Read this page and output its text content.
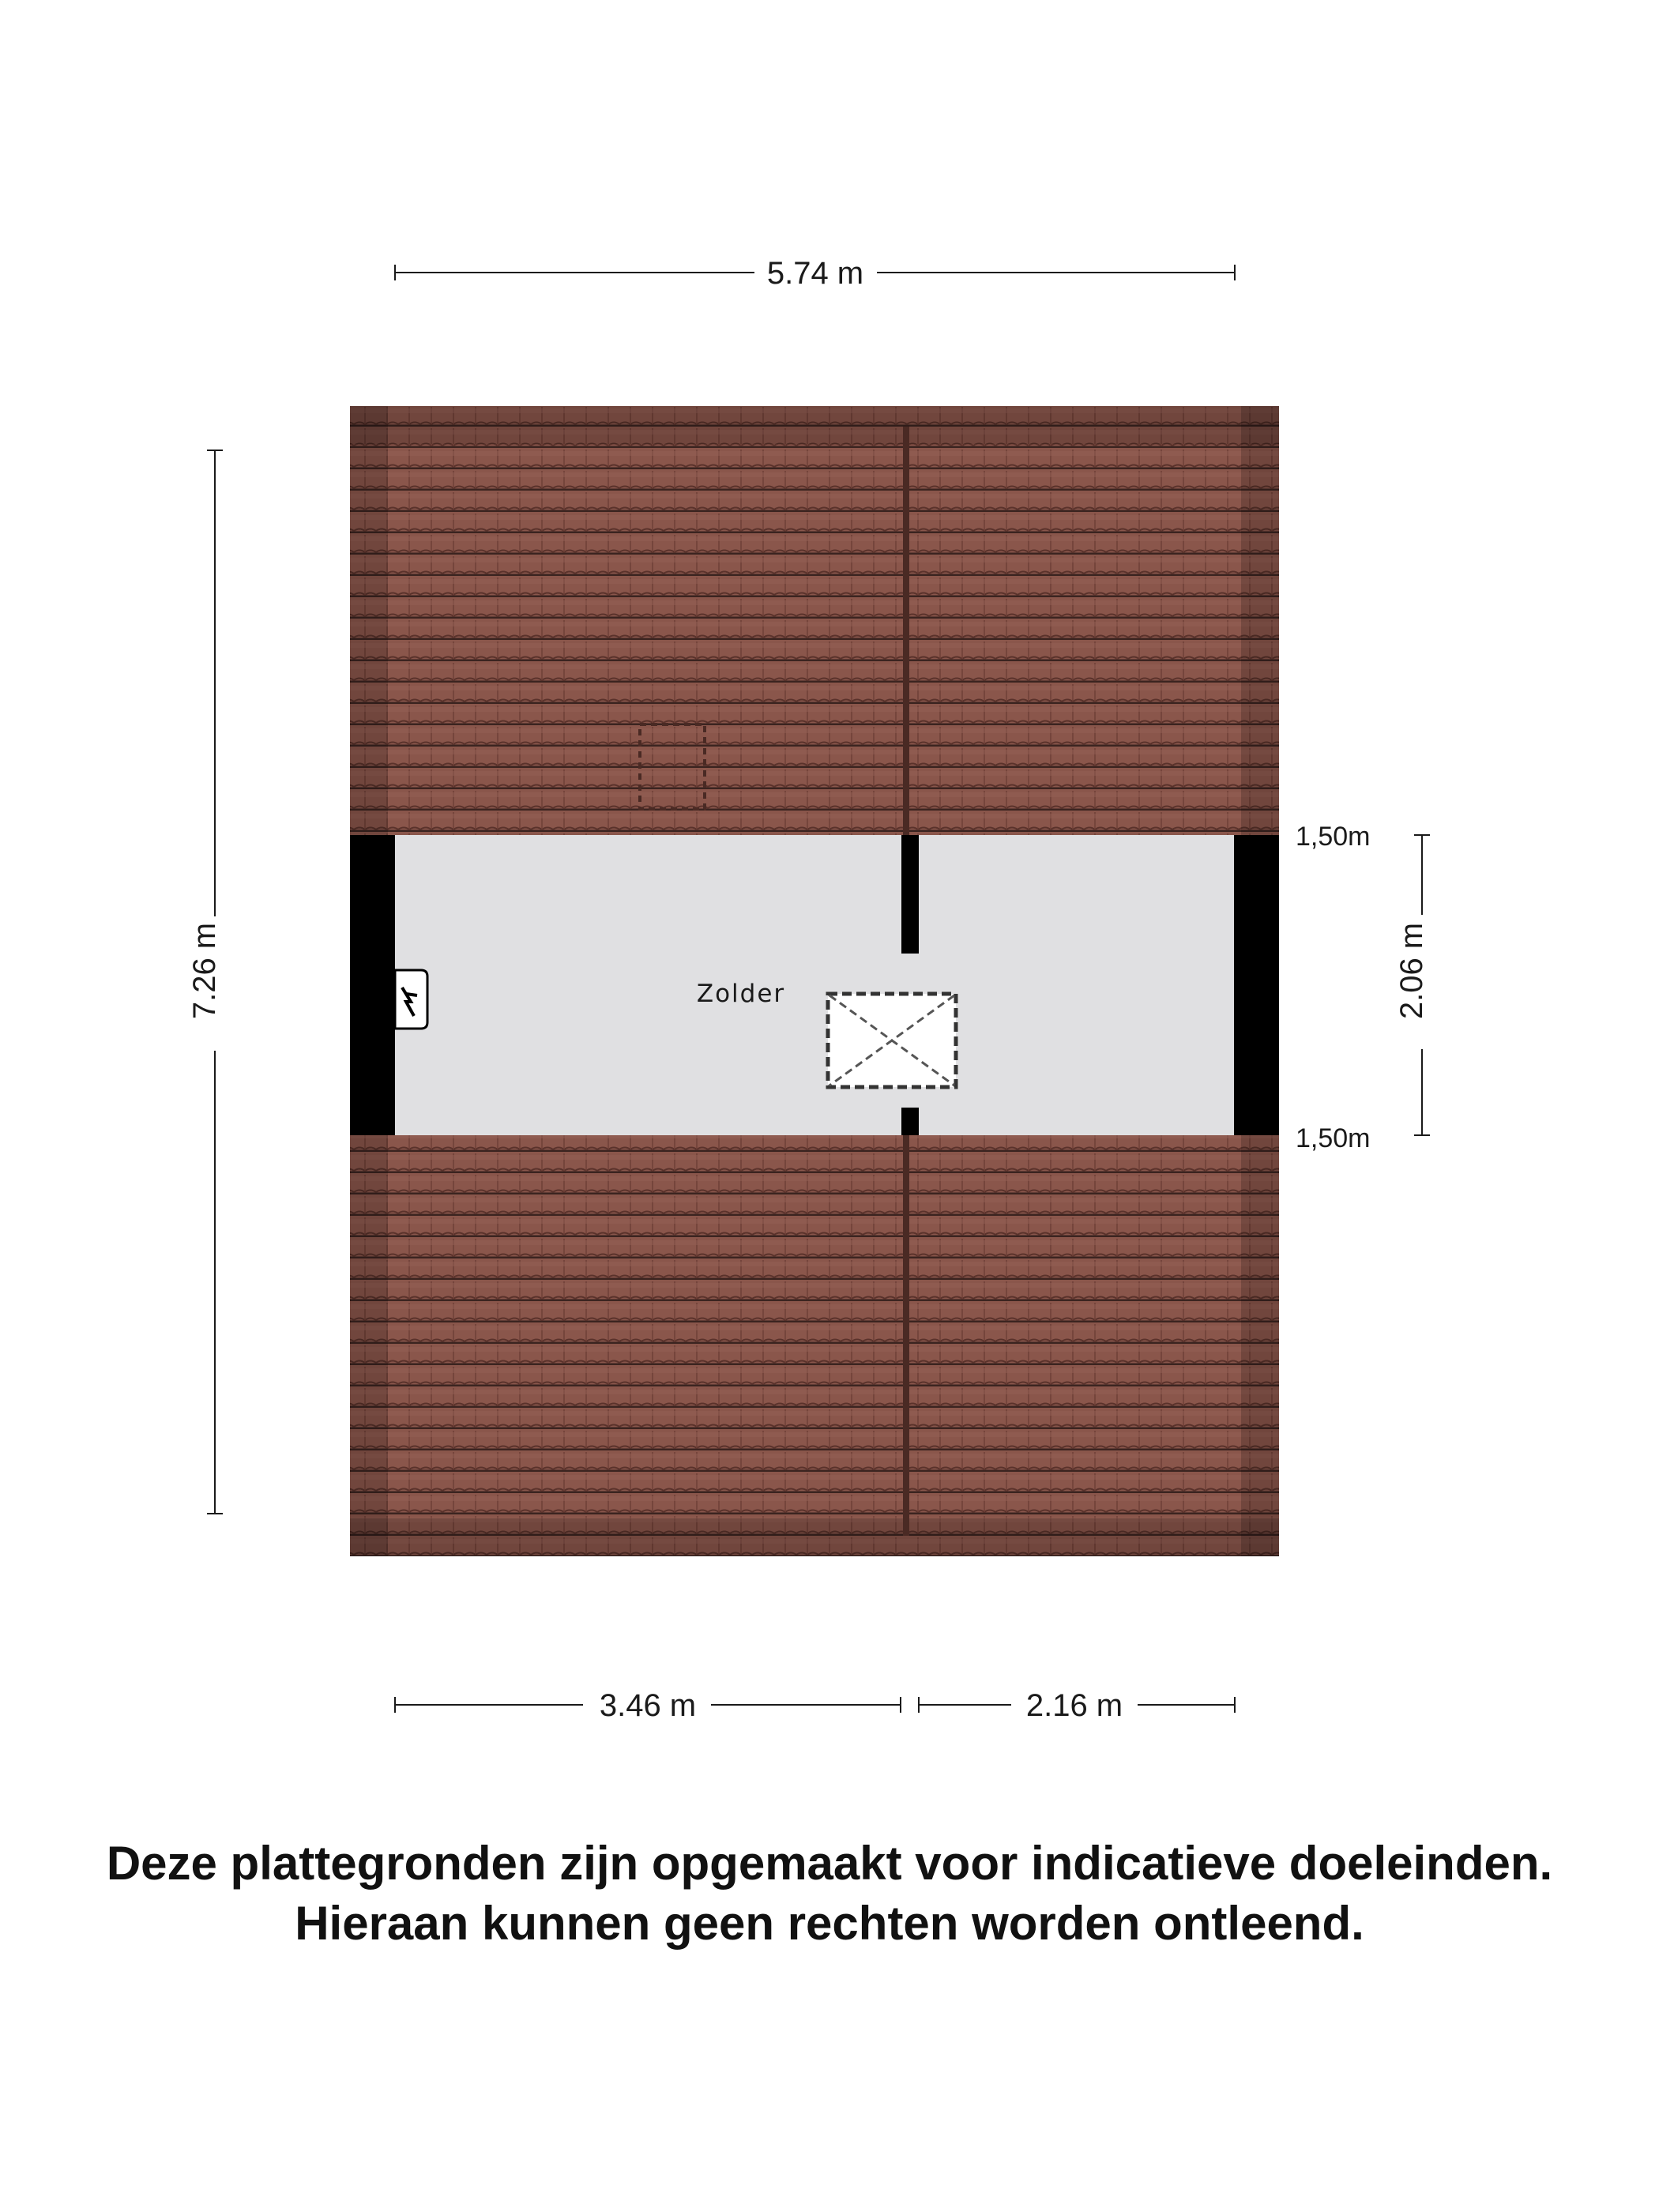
5.74 m
7.26 m	Zolder	2.06 m
1,50m
1,50m
3.46 m	2.16 m
Deze plattegronden zijn opgemaakt voor indicatieve doeleinden.
Hieraan kunnen geen rechten worden ontleend.
